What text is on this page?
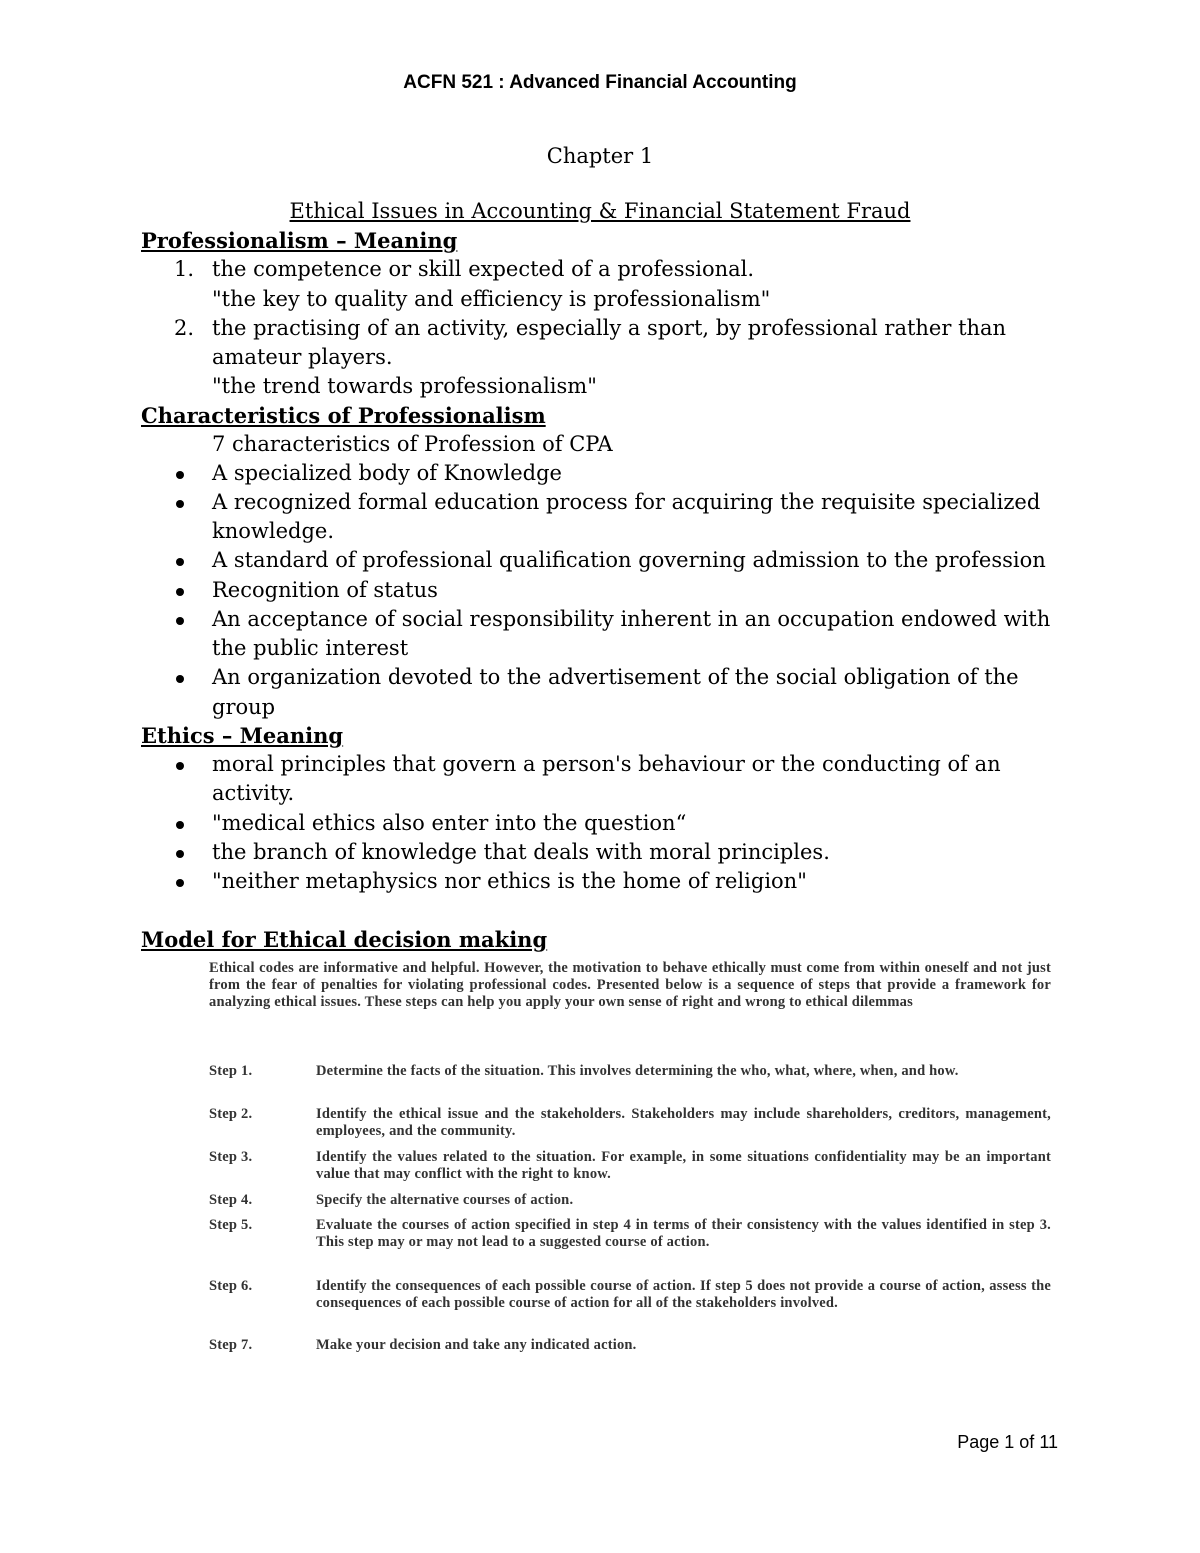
ACFN 521 : Advanced Financial Accounting
Chapter 1
Ethical Issues in Accounting & Financial Statement Fraud
Professionalism – Meaning
1. the competence or skill expected of a professional.
"the key to quality and efficiency is professionalism"
2. the practising of an activity, especially a sport, by professional rather than
amateur players.
"the trend towards professionalism"
Characteristics of Professionalism
7 characteristics of Profession of CPA
A specialized body of Knowledge
A recognized formal education process for acquiring the requisite specialized
knowledge.
A standard of professional qualification governing admission to the profession
Recognition of status
An acceptance of social responsibility inherent in an occupation endowed with
the public interest
An organization devoted to the advertisement of the social obligation of the
group
Ethics – Meaning
moral principles that govern a person's behaviour or the conducting of an
activity.
"medical ethics also enter into the question“
the branch of knowledge that deals with moral principles.
"neither metaphysics nor ethics is the home of religion"
Model for Ethical decision making
Ethical codes are informative and helpful. However, the motivation to behave ethically must come from within oneself and not just from the fear of penalties for violating professional codes. Presented below is a sequence of steps that provide a framework for analyzing ethical issues. These steps can help you apply your own sense of right and wrong to ethical dilemmas
Step 1.	Determine the facts of the situation. This involves determining the who, what, where, when, and how.
Step 2.	Identify the ethical issue and the stakeholders. Stakeholders may include shareholders, creditors, management, employees, and the community.
Step 3.	Identify the values related to the situation. For example, in some situations confidentiality may be an important value that may conflict with the right to know.
Step 4.	Specify the alternative courses of action.
Step 5.	Evaluate the courses of action specified in step 4 in terms of their consistency with the values identified in step 3. This step may or may not lead to a suggested course of action.
Step 6.	Identify the consequences of each possible course of action. If step 5 does not provide a course of action, assess the consequences of each possible course of action for all of the stakeholders involved.
Step 7.	Make your decision and take any indicated action.
Page 1 of 11
